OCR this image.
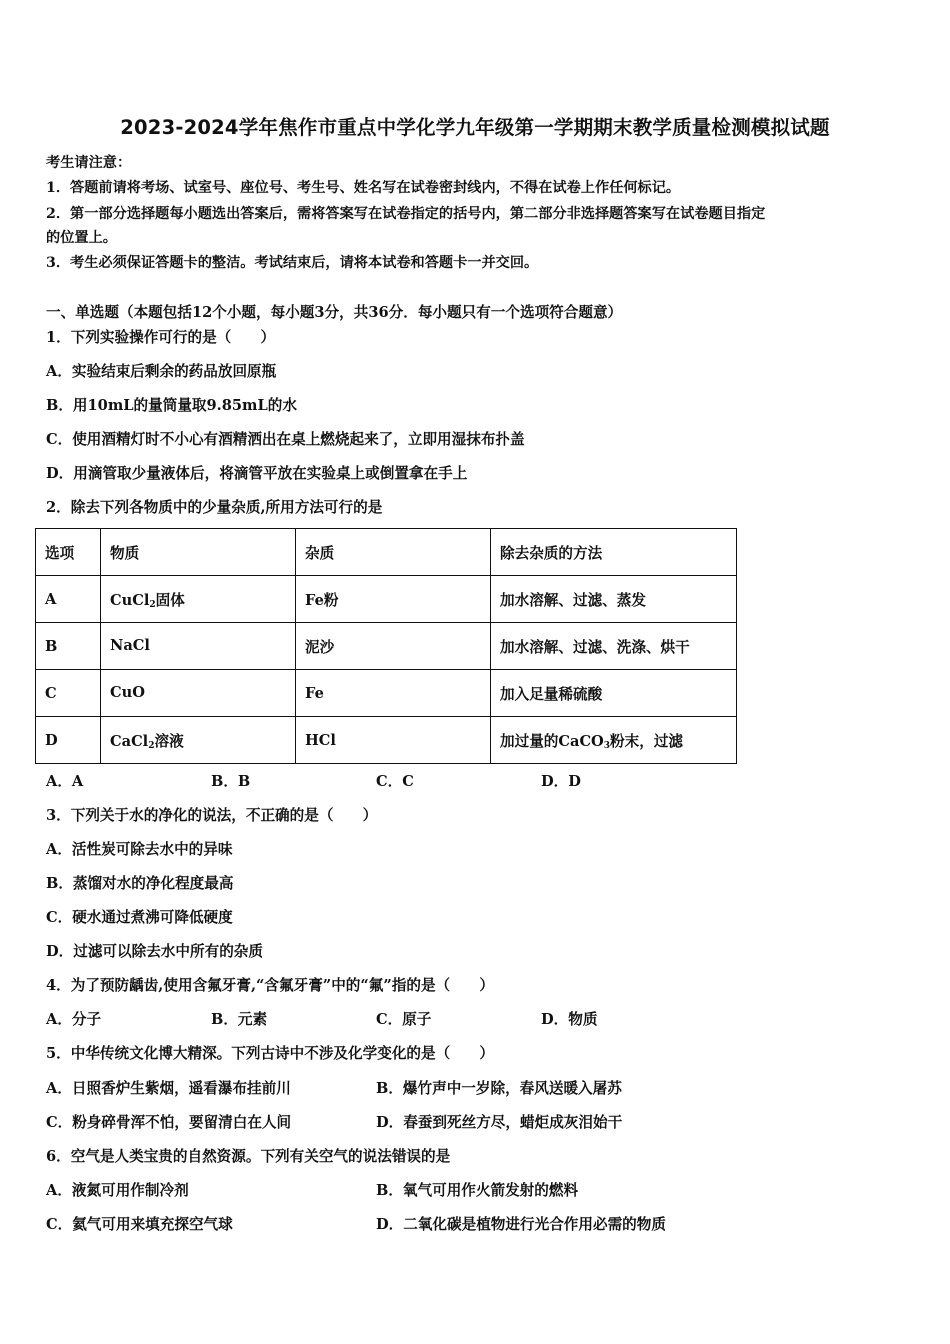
2023-2024学年焦作市重点中学化学九年级第一学期期末教学质量检测模拟试题
考生请注意：
1．答题前请将考场、试室号、座位号、考生号、姓名写在试卷密封线内，不得在试卷上作任何标记。
2．第一部分选择题每小题选出答案后，需将答案写在试卷指定的括号内，第二部分非选择题答案写在试卷题目指定
的位置上。
3．考生必须保证答题卡的整洁。考试结束后，请将本试卷和答题卡一并交回。
一、单选题（本题包括12个小题，每小题3分，共36分．每小题只有一个选项符合题意）
1．下列实验操作可行的是（　　）
A．实验结束后剩余的药品放回原瓶
B．用10mL的量筒量取9.85mL的水
C．使用酒精灯时不小心有酒精洒出在桌上燃烧起来了，立即用湿抹布扑盖
D．用滴管取少量液体后，将滴管平放在实验桌上或倒置拿在手上
2．除去下列各物质中的少量杂质,所用方法可行的是
选项	物质	杂质	除去杂质的方法
A	CuCl$_2$固体	Fe粉	加水溶解、过滤、蒸发
B	NaCl	泥沙	加水溶解、过滤、洗涤、烘干
C	CuO	Fe	加入足量稀硫酸
D	CaCl$_2$溶液	HCl	加过量的CaCO$_3$粉末，过滤
A．A	B．B	C．C	D．D
3．下列关于水的净化的说法，不正确的是（　　）
A．活性炭可除去水中的异味
B．蒸馏对水的净化程度最高
C．硬水通过煮沸可降低硬度
D．过滤可以除去水中所有的杂质
4．为了预防龋齿,使用含氟牙膏,“含氟牙膏”中的“氟”指的是（　　）
A．分子	B．元素	C．原子	D．物质
5．中华传统文化博大精深。下列古诗中不涉及化学变化的是（　　）
A．日照香炉生紫烟，遥看瀑布挂前川	B．爆竹声中一岁除，春风送暖入屠苏
C．粉身碎骨浑不怕，要留清白在人间	D．春蚕到死丝方尽，蜡炬成灰泪始干
6．空气是人类宝贵的自然资源。下列有关空气的说法错误的是
A．液氮可用作制冷剂	B．氧气可用作火箭发射的燃料
C．氦气可用来填充探空气球	D．二氧化碳是植物进行光合作用必需的物质
